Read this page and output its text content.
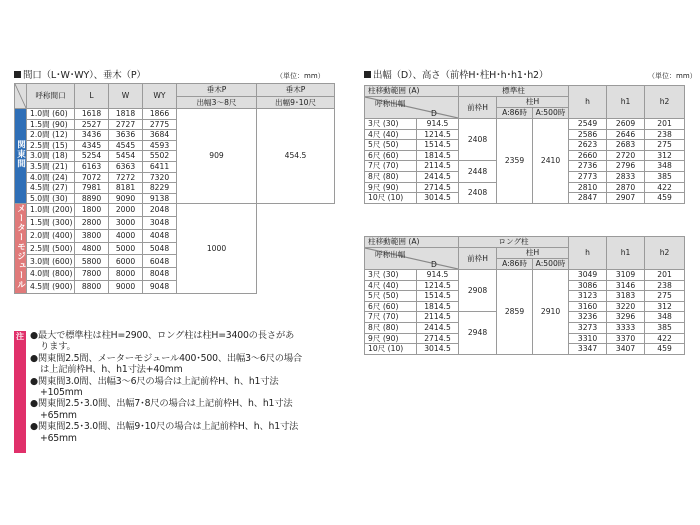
間口（L･W･WY）、垂木（P）	（単位：mm）
	呼称間口	L	W	WY	垂木P	垂木P
					出幅3～8尺	出幅9･10尺
関東間	1.0間 (60)	1618	1818	1866	909	454.5
	1.5間 (90)	2527	2727	2775		
	2.0間 (12)	3436	3636	3684		
	2.5間 (15)	4345	4545	4593		
	3.0間 (18)	5254	5454	5502		
	3.5間 (21)	6163	6363	6411		
	4.0間 (24)	7072	7272	7320		
	4.5間 (27)	7981	8181	8229		
	5.0間 (30)	8890	9090	9138		
メーターモジュール	1.0間 (200)	1800	2000	2048	1000	
	1.5間 (300)	2800	3000	3048		
	2.0間 (400)	3800	4000	4048		
	2.5間 (500)	4800	5000	5048		
	3.0間 (600)	5800	6000	6048		
	4.0間 (800)	7800	8000	8048		
	4.5間 (900)	8800	9000	9048		
出幅（D）、高さ（前枠H･柱H･h･h1･h2）	（単位：mm）
柱移動範囲 (A)		標準柱			h	h1	h2

呼称出幅
D		前枠H	柱H				
			A:86時	A:500時			
3尺 (30)	914.5	2408	2359	2410	2549	2609	201
4尺 (40)	1214.5				2586	2646	238
5尺 (50)	1514.5				2623	2683	275
6尺 (60)	1814.5				2660	2720	312
7尺 (70)	2114.5	2448			2736	2796	348
8尺 (80)	2414.5				2773	2833	385
9尺 (90)	2714.5	2408			2810	2870	422
10尺 (10)	3014.5				2847	2907	459
柱移動範囲 (A)		ロング柱			h	h1	h2

呼称出幅
D		前枠H	柱H				
			A:86時	A:500時			
3尺 (30)	914.5	2908	2859	2910	3049	3109	201
4尺 (40)	1214.5				3086	3146	238
5尺 (50)	1514.5				3123	3183	275
6尺 (60)	1814.5				3160	3220	312
7尺 (70)	2114.5	2948			3236	3296	348
8尺 (80)	2414.5				3273	3333	385
9尺 (90)	2714.5				3310	3370	422
10尺 (10)	3014.5				3347	3407	459
注 ●最大で標準柱は柱H=2900、ロング柱は柱H=3400の長さがあ
ります。
●関東間2.5間、メーターモジュール400･500、出幅3～6尺の場合
は上記前枠H、h、h1寸法+40mm
●関東間3.0間、出幅3～6尺の場合は上記前枠H、h、h1寸法
+105mm
●関東間2.5･3.0間、出幅7･8尺の場合は上記前枠H、h、h1寸法
+65mm
●関東間2.5･3.0間、出幅9･10尺の場合は上記前枠H、h、h1寸法
+65mm
